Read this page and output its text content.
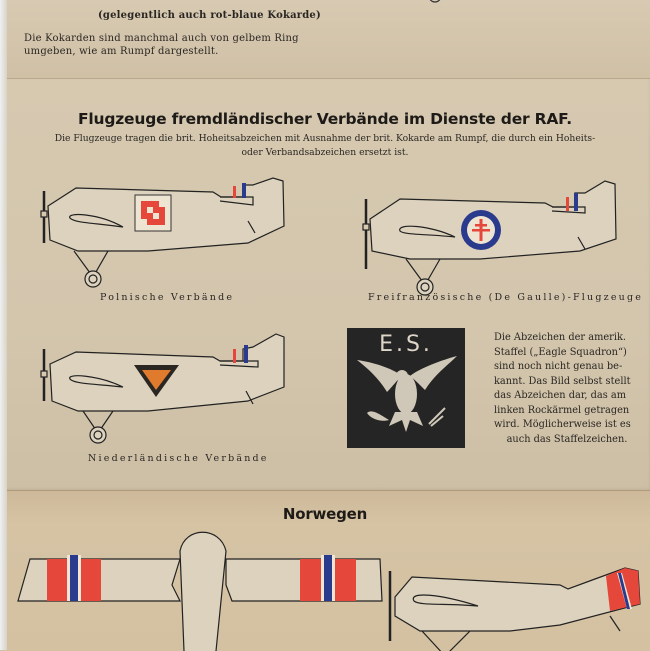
(gelegentlich auch rot-blaue Kokarde)
Die Kokarden sind manchmal auch von gelbem Ring
umgeben, wie am Rumpf dargestellt.
Flugzeuge fremdländischer Verbände im Dienste der RAF.
Die Flugzeuge tragen die brit. Hoheitsabzeichen mit Ausnahme der brit. Kokarde am Rumpf, die durch ein Hoheits-
oder Verbandsabzeichen ersetzt ist.
Polnische Verbände	Freifranzösische (De Gaulle)-Flugzeuge
Niederländische Verbände
E.S.	Die Abzeichen der amerik.
Staffel („Eagle Squadron“)
sind noch nicht genau be-
kannt. Das Bild selbst stellt
das Abzeichen dar, das am
linken Rockärmel getragen
wird. Möglicherweise ist es
auch das Staffelzeichen.
Norwegen
